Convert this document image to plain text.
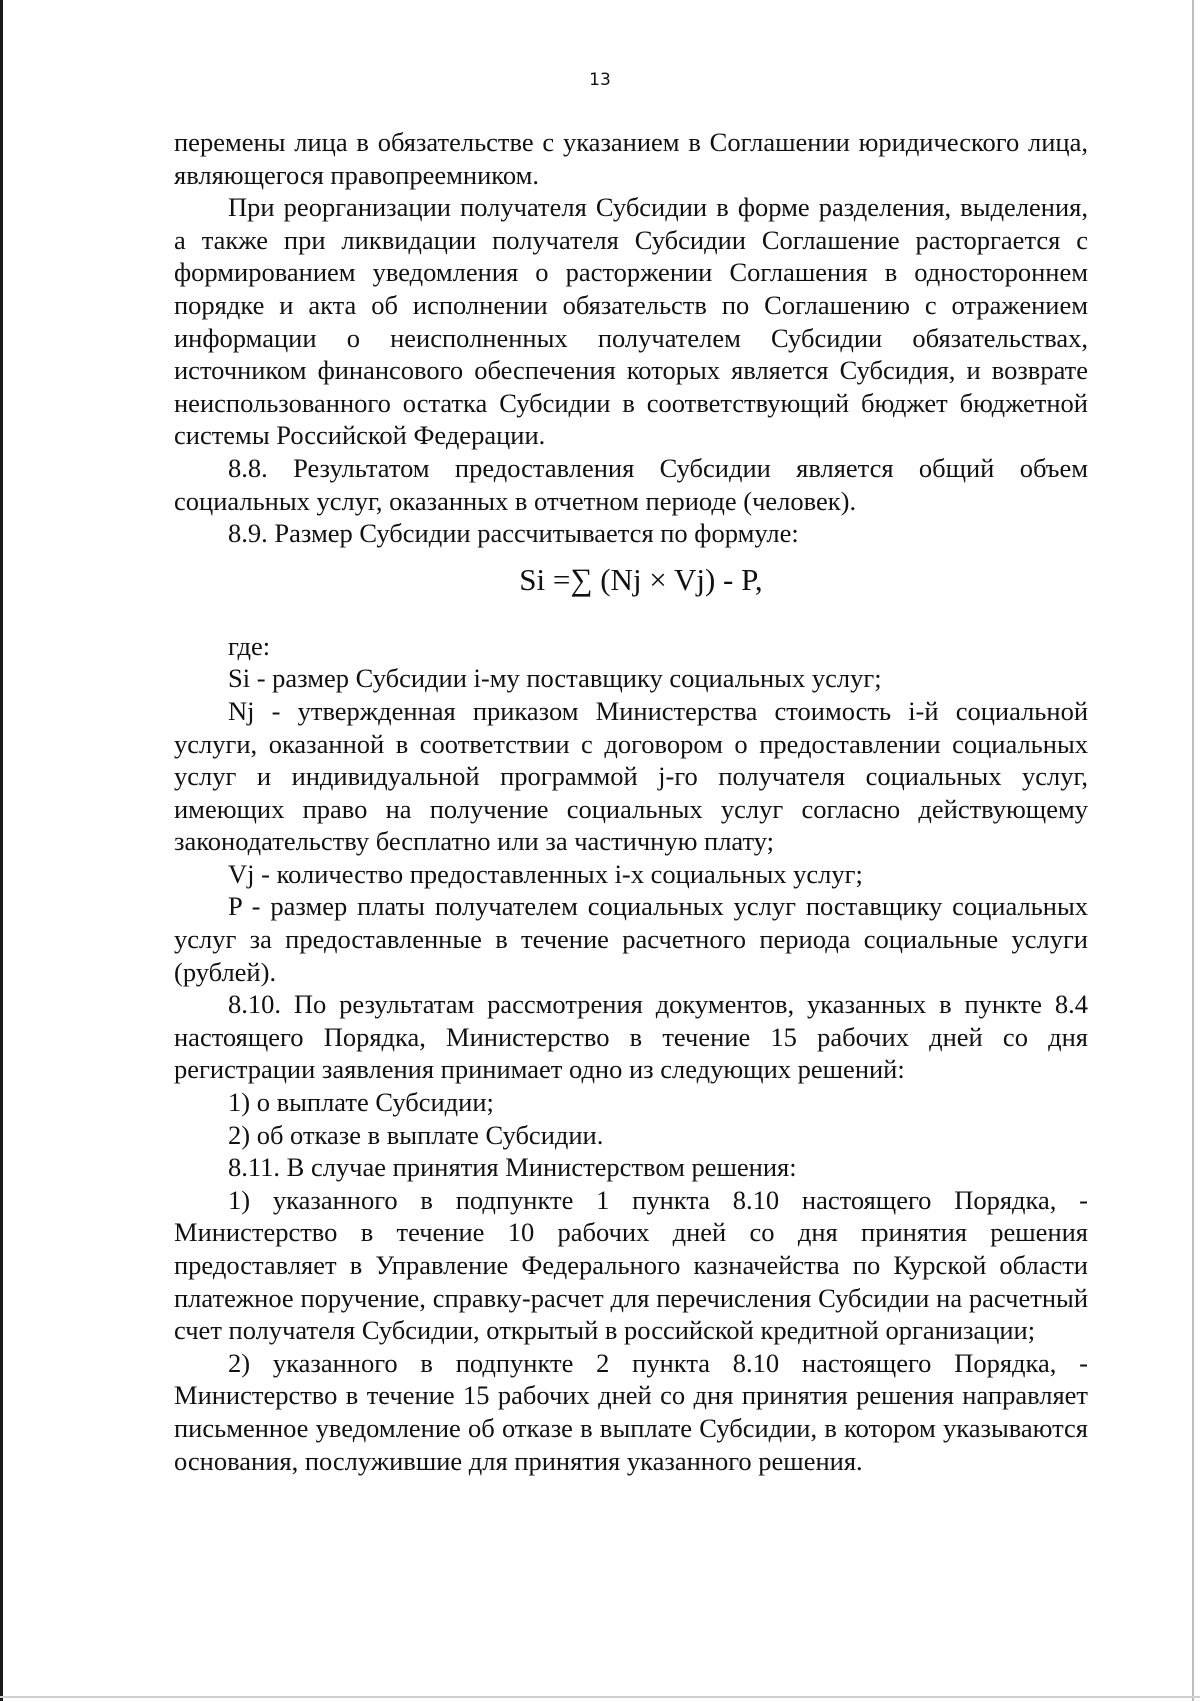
13

перемены лица в обязательстве с указанием в Соглашении юридического лица, являющегося правопреемником.

При реорганизации получателя Субсидии в форме разделения, выделения, а также при ликвидации получателя Субсидии Соглашение расторгается с формированием уведомления о расторжении Соглашения в одностороннем порядке и акта об исполнении обязательств по Соглашению с отражением информации о неисполненных получателем Субсидии обязательствах, источником финансового обеспечения которых является Субсидия, и возврате неиспользованного остатка Субсидии в соответствующий бюджет бюджетной системы Российской Федерации.

8.8. Результатом предоставления Субсидии является общий объем социальных услуг, оказанных в отчетном периоде (человек).

8.9. Размер Субсидии рассчитывается по формуле:

Si =∑ (Nj × Vj) - P,

где:

Si - размер Субсидии i-му поставщику социальных услуг;

Nj - утвержденная приказом Министерства стоимость i-й социальной услуги, оказанной в соответствии с договором о предоставлении социальных услуг и индивидуальной программой j-го получателя социальных услуг, имеющих право на получение социальных услуг согласно действующему законодательству бесплатно или за частичную плату;

Vj - количество предоставленных i-х социальных услуг;

P - размер платы получателем социальных услуг поставщику социальных услуг за предоставленные в течение расчетного периода социальные услуги (рублей).

8.10. По результатам рассмотрения документов, указанных в пункте 8.4 настоящего Порядка, Министерство в течение 15 рабочих дней со дня регистрации заявления принимает одно из следующих решений:

1) о выплате Субсидии;

2) об отказе в выплате Субсидии.

8.11. В случае принятия Министерством решения:

1) указанного в подпункте 1 пункта 8.10 настоящего Порядка, - Министерство в течение 10 рабочих дней со дня принятия решения предоставляет в Управление Федерального казначейства по Курской области платежное поручение, справку-расчет для перечисления Субсидии на расчетный счет получателя Субсидии, открытый в российской кредитной организации;

2) указанного в подпункте 2 пункта 8.10 настоящего Порядка, - Министерство в течение 15 рабочих дней со дня принятия решения направляет письменное уведомление об отказе в выплате Субсидии, в котором указываются основания, послужившие для принятия указанного решения.
